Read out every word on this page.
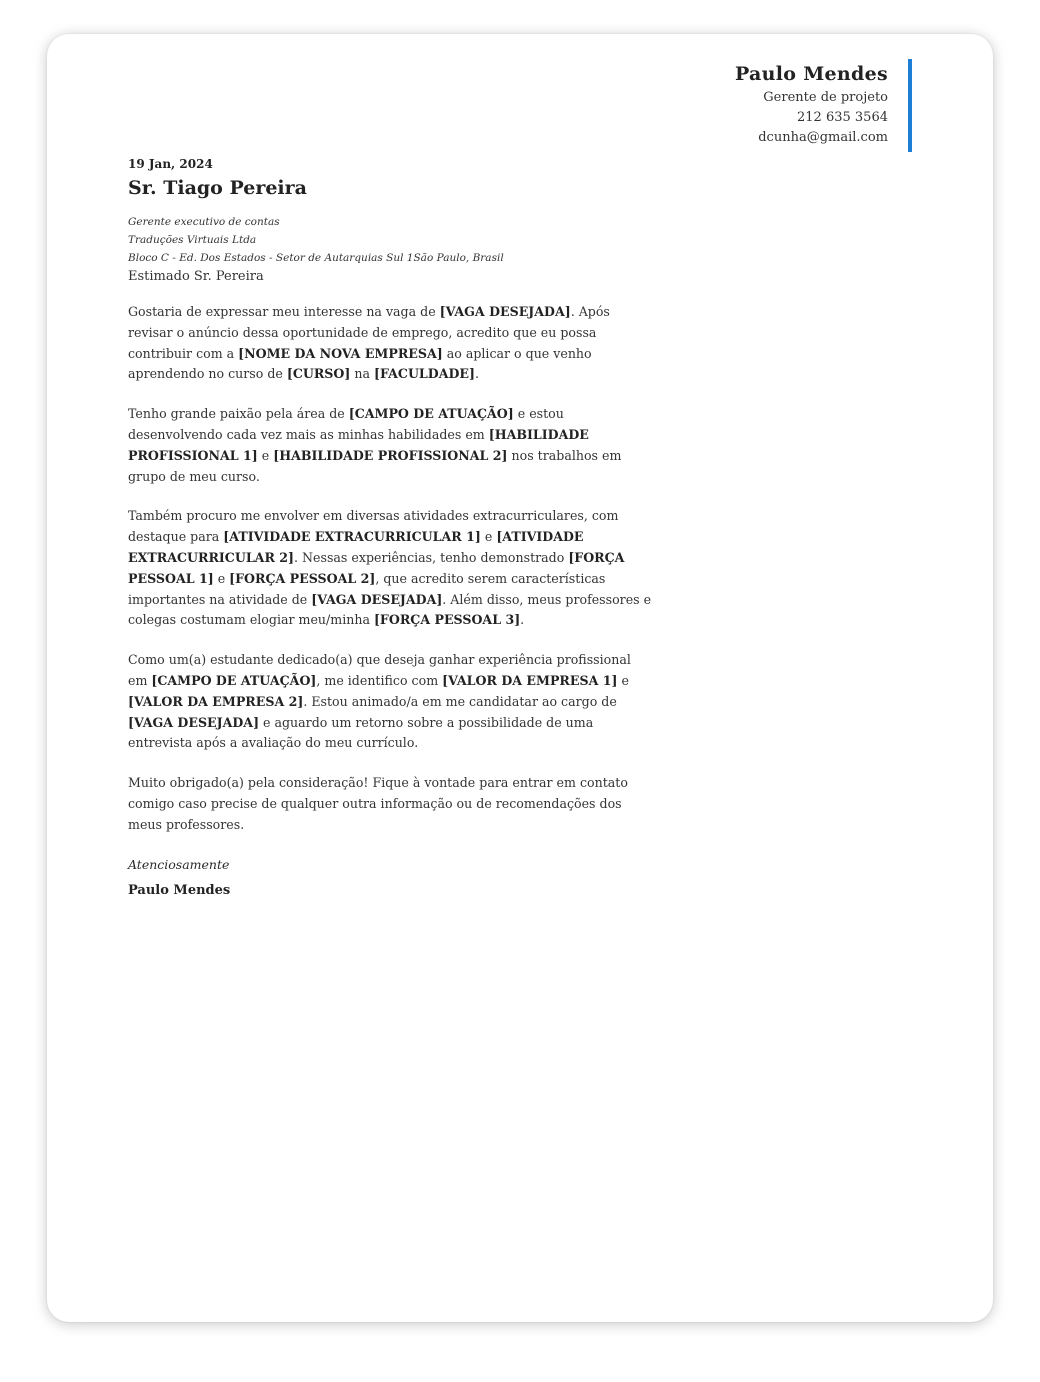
Paulo Mendes
Gerente de projeto
212 635 3564
dcunha@gmail.com
19 Jan, 2024
Sr. Tiago Pereira
Gerente executivo de contas
Traduções Virtuais Ltda
Bloco C - Ed. Dos Estados - Setor de Autarquias Sul 1São Paulo, Brasil
Estimado Sr. Pereira

Gostaria de expressar meu interesse na vaga de [VAGA DESEJADA]. Após revisar o anúncio dessa oportunidade de emprego, acredito que eu possa contribuir com a [NOME DA NOVA EMPRESA] ao aplicar o que venho aprendendo no curso de [CURSO] na [FACULDADE].

Tenho grande paixão pela área de [CAMPO DE ATUAÇÃO] e estou desenvolvendo cada vez mais as minhas habilidades em [HABILIDADE PROFISSIONAL 1] e [HABILIDADE PROFISSIONAL 2] nos trabalhos em grupo de meu curso.

Também procuro me envolver em diversas atividades extracurriculares, com destaque para [ATIVIDADE EXTRACURRICULAR 1] e [ATIVIDADE EXTRACURRICULAR 2]. Nessas experiências, tenho demonstrado [FORÇA PESSOAL 1] e [FORÇA PESSOAL 2], que acredito serem características importantes na atividade de [VAGA DESEJADA]. Além disso, meus professores e colegas costumam elogiar meu/minha [FORÇA PESSOAL 3].

Como um(a) estudante dedicado(a) que deseja ganhar experiência profissional em [CAMPO DE ATUAÇÃO], me identifico com [VALOR DA EMPRESA 1] e [VALOR DA EMPRESA 2]. Estou animado/a em me candidatar ao cargo de [VAGA DESEJADA] e aguardo um retorno sobre a possibilidade de uma entrevista após a avaliação do meu currículo.

Muito obrigado(a) pela consideração! Fique à vontade para entrar em contato comigo caso precise de qualquer outra informação ou de recomendações dos meus professores.

Atenciosamente
Paulo Mendes
